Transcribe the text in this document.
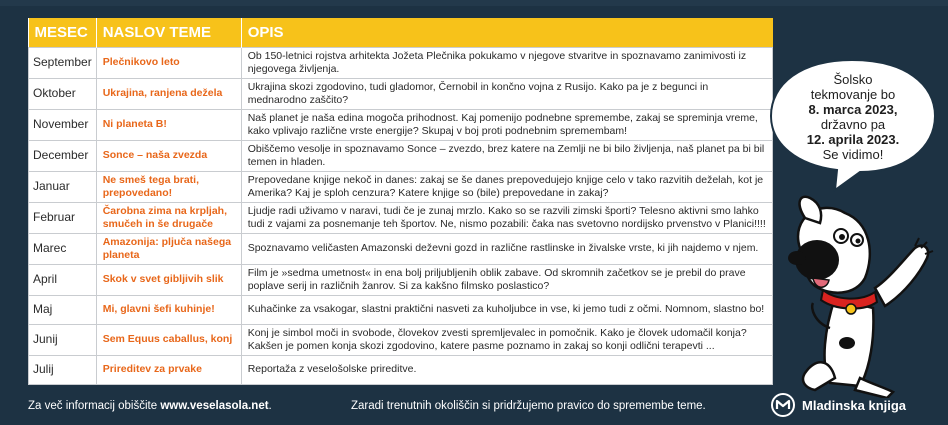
MESEC	NASLOV TEME	OPIS
September	Plečnikovo leto	Ob 150-letnici rojstva arhitekta Jožeta Plečnika pokukamo v njegove stvaritve in spoznavamo zanimivosti iz njegovega življenja.
Oktober	Ukrajina, ranjena dežela	Ukrajina skozi zgodovino, tudi gladomor, Černobil in končno vojna z Rusijo. Kako pa je z begunci in mednarodno zaščito?
November	Ni planeta B!	Naš planet je naša edina mogoča prihodnost. Kaj pomenijo podnebne spremembe, zakaj se spreminja vreme, kako vplivajo različne vrste energije? Skupaj v boj proti podnebnim spremembam!
December	Sonce – naša zvezda	Obiščemo vesolje in spoznavamo Sonce – zvezdo, brez katere na Zemlji ne bi bilo življenja, naš planet pa bi bil temen in hladen.
Januar	Ne smeš tega brati, prepovedano!	Prepovedane knjige nekoč in danes: zakaj se še danes prepovedujejo knjige celo v tako razvitih deželah, kot je Amerika? Kaj je sploh cenzura? Katere knjige so (bile) prepovedane in zakaj?
Februar	Čarobna zima na krpljah, smučeh in še drugače	Ljudje radi uživamo v naravi, tudi če je zunaj mrzlo. Kako so se razvili zimski športi? Telesno aktivni smo lahko tudi z vajami za posnemanje teh športov. Ne, nismo pozabili: čaka nas svetovno nordijsko prvenstvo v Planici!!!!
Marec	Amazonija: pljuča našega planeta	Spoznavamo veličasten Amazonski deževni gozd in različne rastlinske in živalske vrste, ki jih najdemo v njem.
April	Skok v svet gibljivih slik	Film je »sedma umetnost« in ena bolj priljubljenih oblik zabave. Od skromnih začetkov se je prebil do prave poplave serij in različnih žanrov. Si za kakšno filmsko poslastico?
Maj	Mi, glavni šefi kuhinje!	Kuhačinke za vsakogar, slastni praktični nasveti za kuholjubce in vse, ki jemo tudi z očmi. Nomnom, slastno bo!
Junij	Sem Equus caballus, konj	Konj je simbol moči in svobode, človekov zvesti spremljevalec in pomočnik. Kako je človek udomačil konja? Kakšen je pomen konja skozi zgodovino, katere pasme poznamo in zakaj so konji odlični terapevti ...
Julij	Prireditev za prvake	Reportaža z veselošolske prireditve.
Šolsko
tekmovanje bo
8. marca 2023,
državno pa
12. aprila 2023.
Se vidimo!
Za več informacij obiščite www.veselasola.net.	Zaradi trenutnih okoliščin si pridržujemo pravico do spremembe teme.	Mladinska knjiga
